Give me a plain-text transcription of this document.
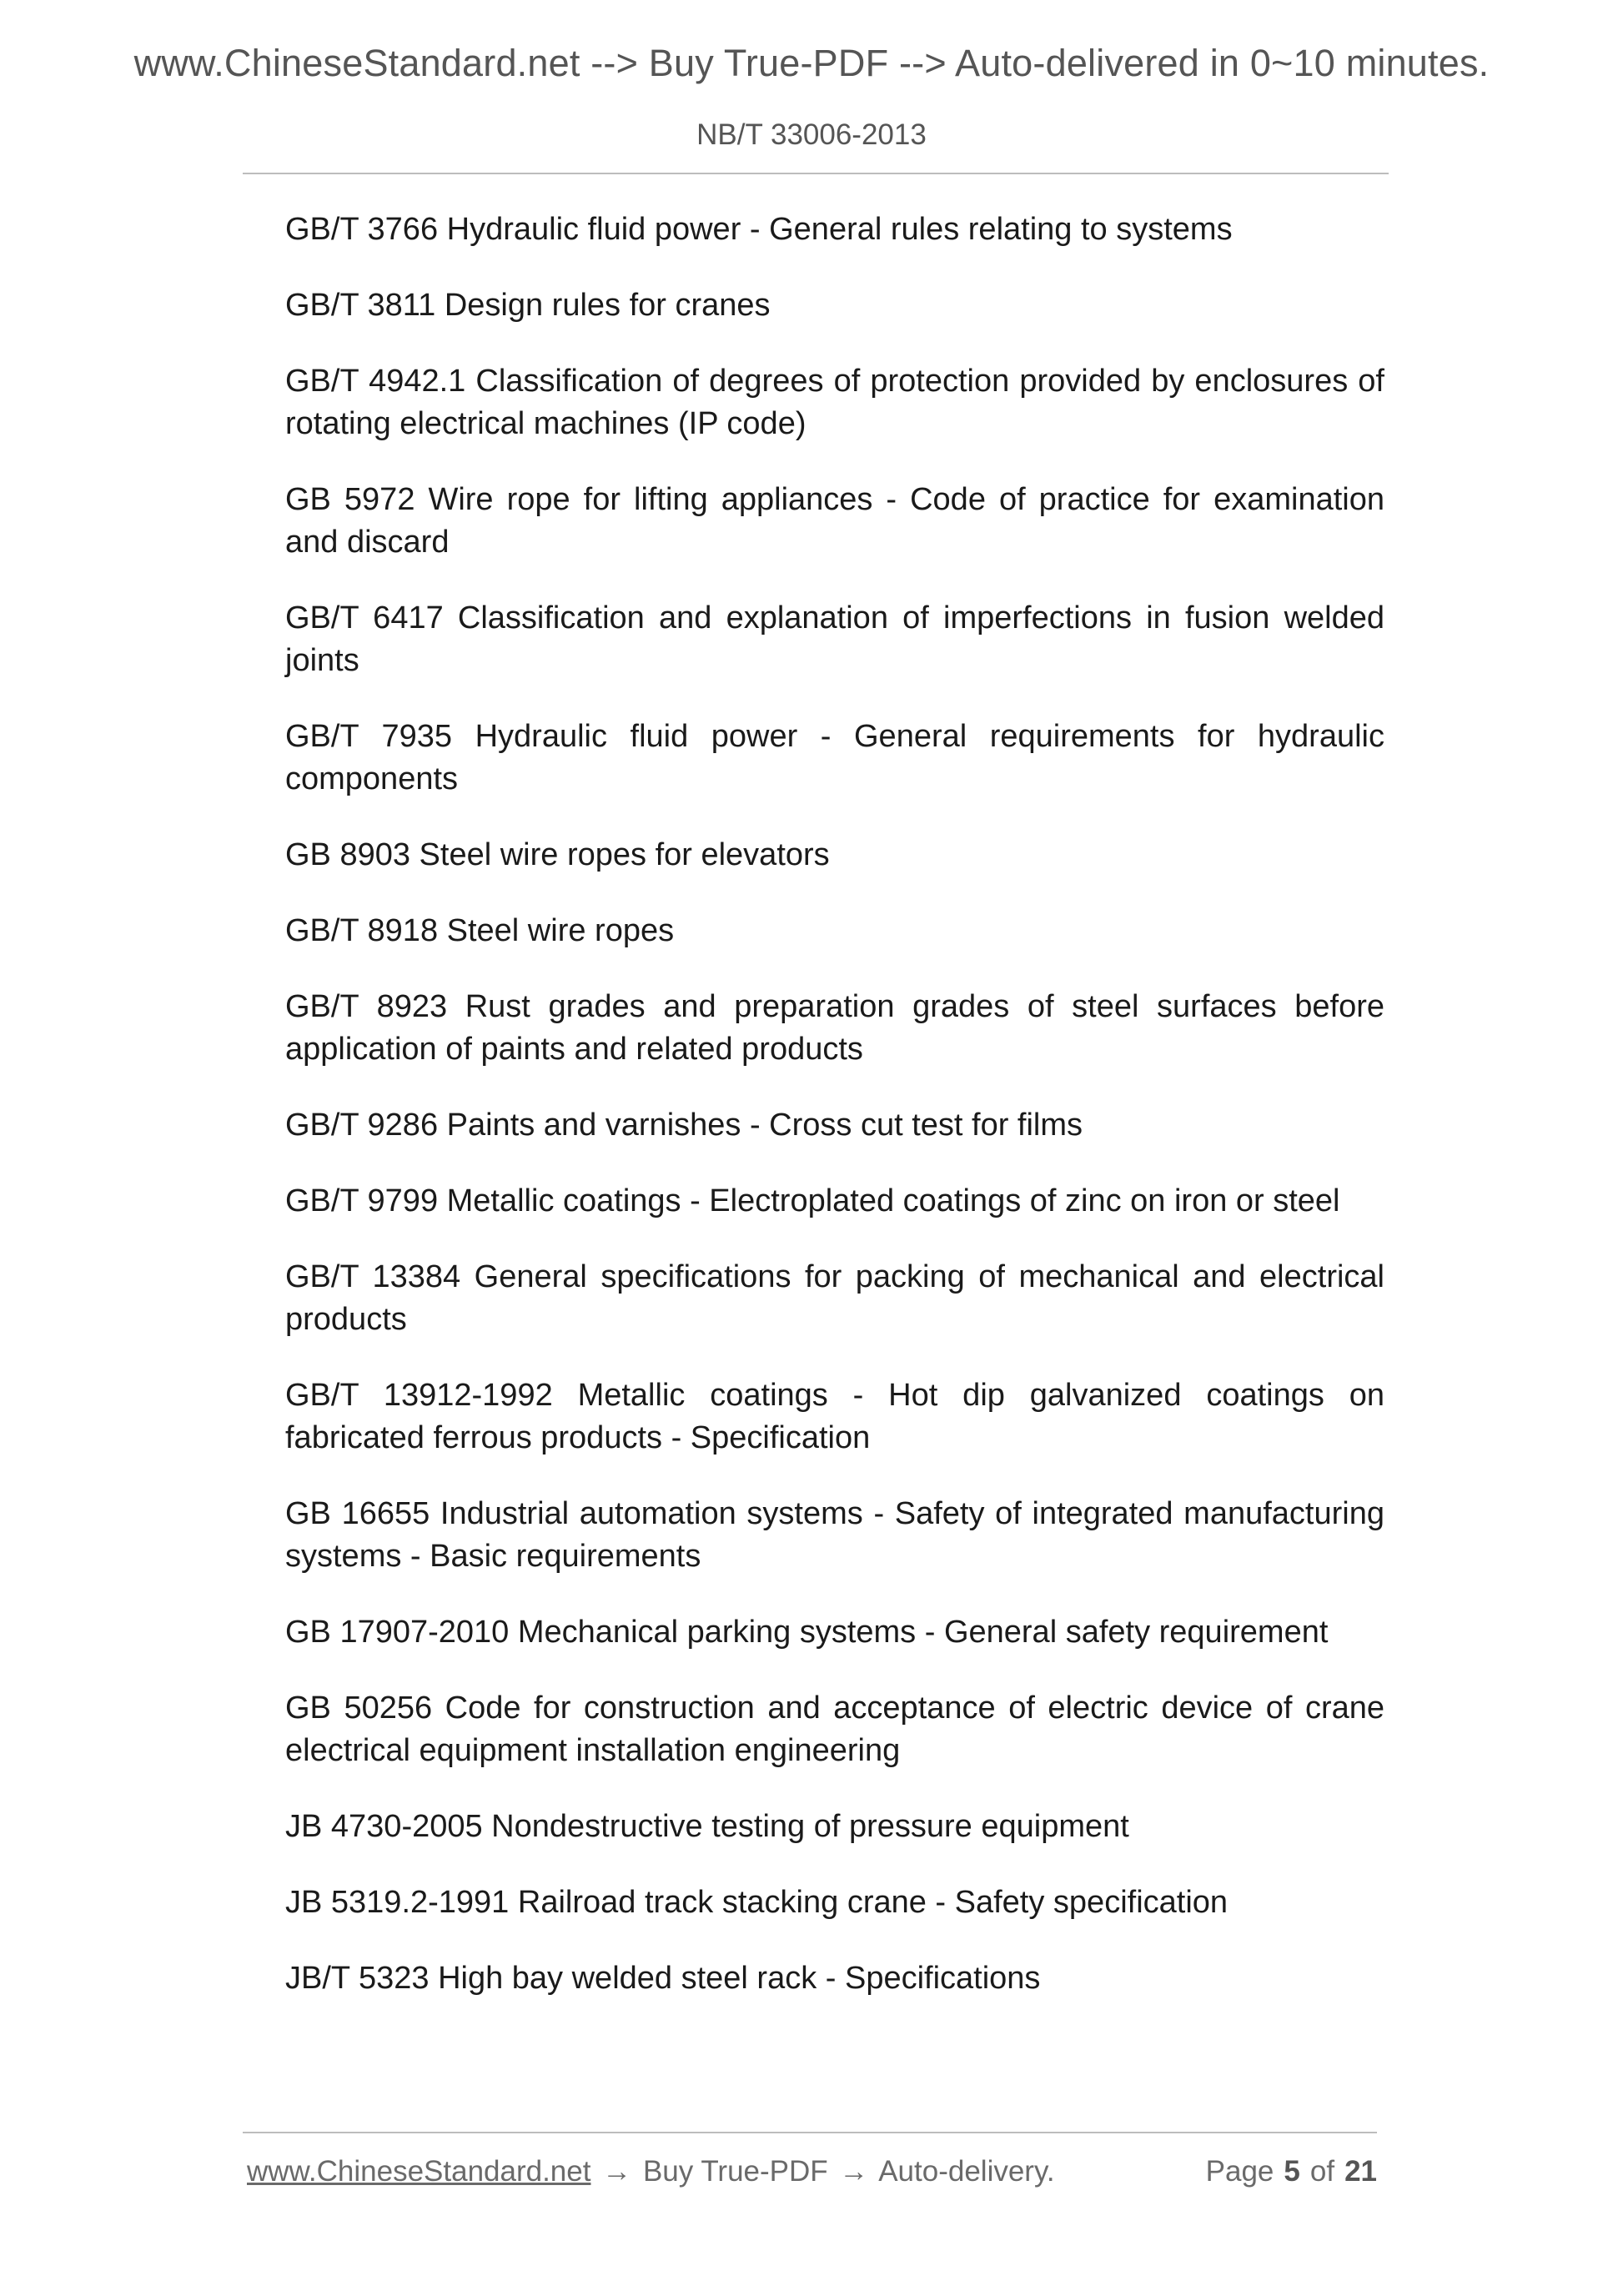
www.ChineseStandard.net --> Buy True-PDF --> Auto-delivered in 0~10 minutes.
NB/T 33006-2013
GB/T 3766 Hydraulic fluid power - General rules relating to systems
GB/T 3811 Design rules for cranes
GB/T 4942.1 Classification of degrees of protection provided by enclosures of rotating electrical machines (IP code)
GB 5972 Wire rope for lifting appliances - Code of practice for examination and discard
GB/T 6417 Classification and explanation of imperfections in fusion welded joints
GB/T 7935 Hydraulic fluid power - General requirements for hydraulic components
GB 8903 Steel wire ropes for elevators
GB/T 8918 Steel wire ropes
GB/T 8923 Rust grades and preparation grades of steel surfaces before application of paints and related products
GB/T 9286 Paints and varnishes - Cross cut test for films
GB/T 9799 Metallic coatings - Electroplated coatings of zinc on iron or steel
GB/T 13384 General specifications for packing of mechanical and electrical products
GB/T 13912-1992 Metallic coatings - Hot dip galvanized coatings on fabricated ferrous products - Specification
GB 16655 Industrial automation systems - Safety of integrated manufacturing systems - Basic requirements
GB 17907-2010 Mechanical parking systems - General safety requirement
GB 50256 Code for construction and acceptance of electric device of crane electrical equipment installation engineering
JB 4730-2005 Nondestructive testing of pressure equipment
JB 5319.2-1991 Railroad track stacking crane - Safety specification
JB/T 5323 High bay welded steel rack - Specifications
www.ChineseStandard.net → Buy True-PDF → Auto-delivery.	Page 5 of 21
